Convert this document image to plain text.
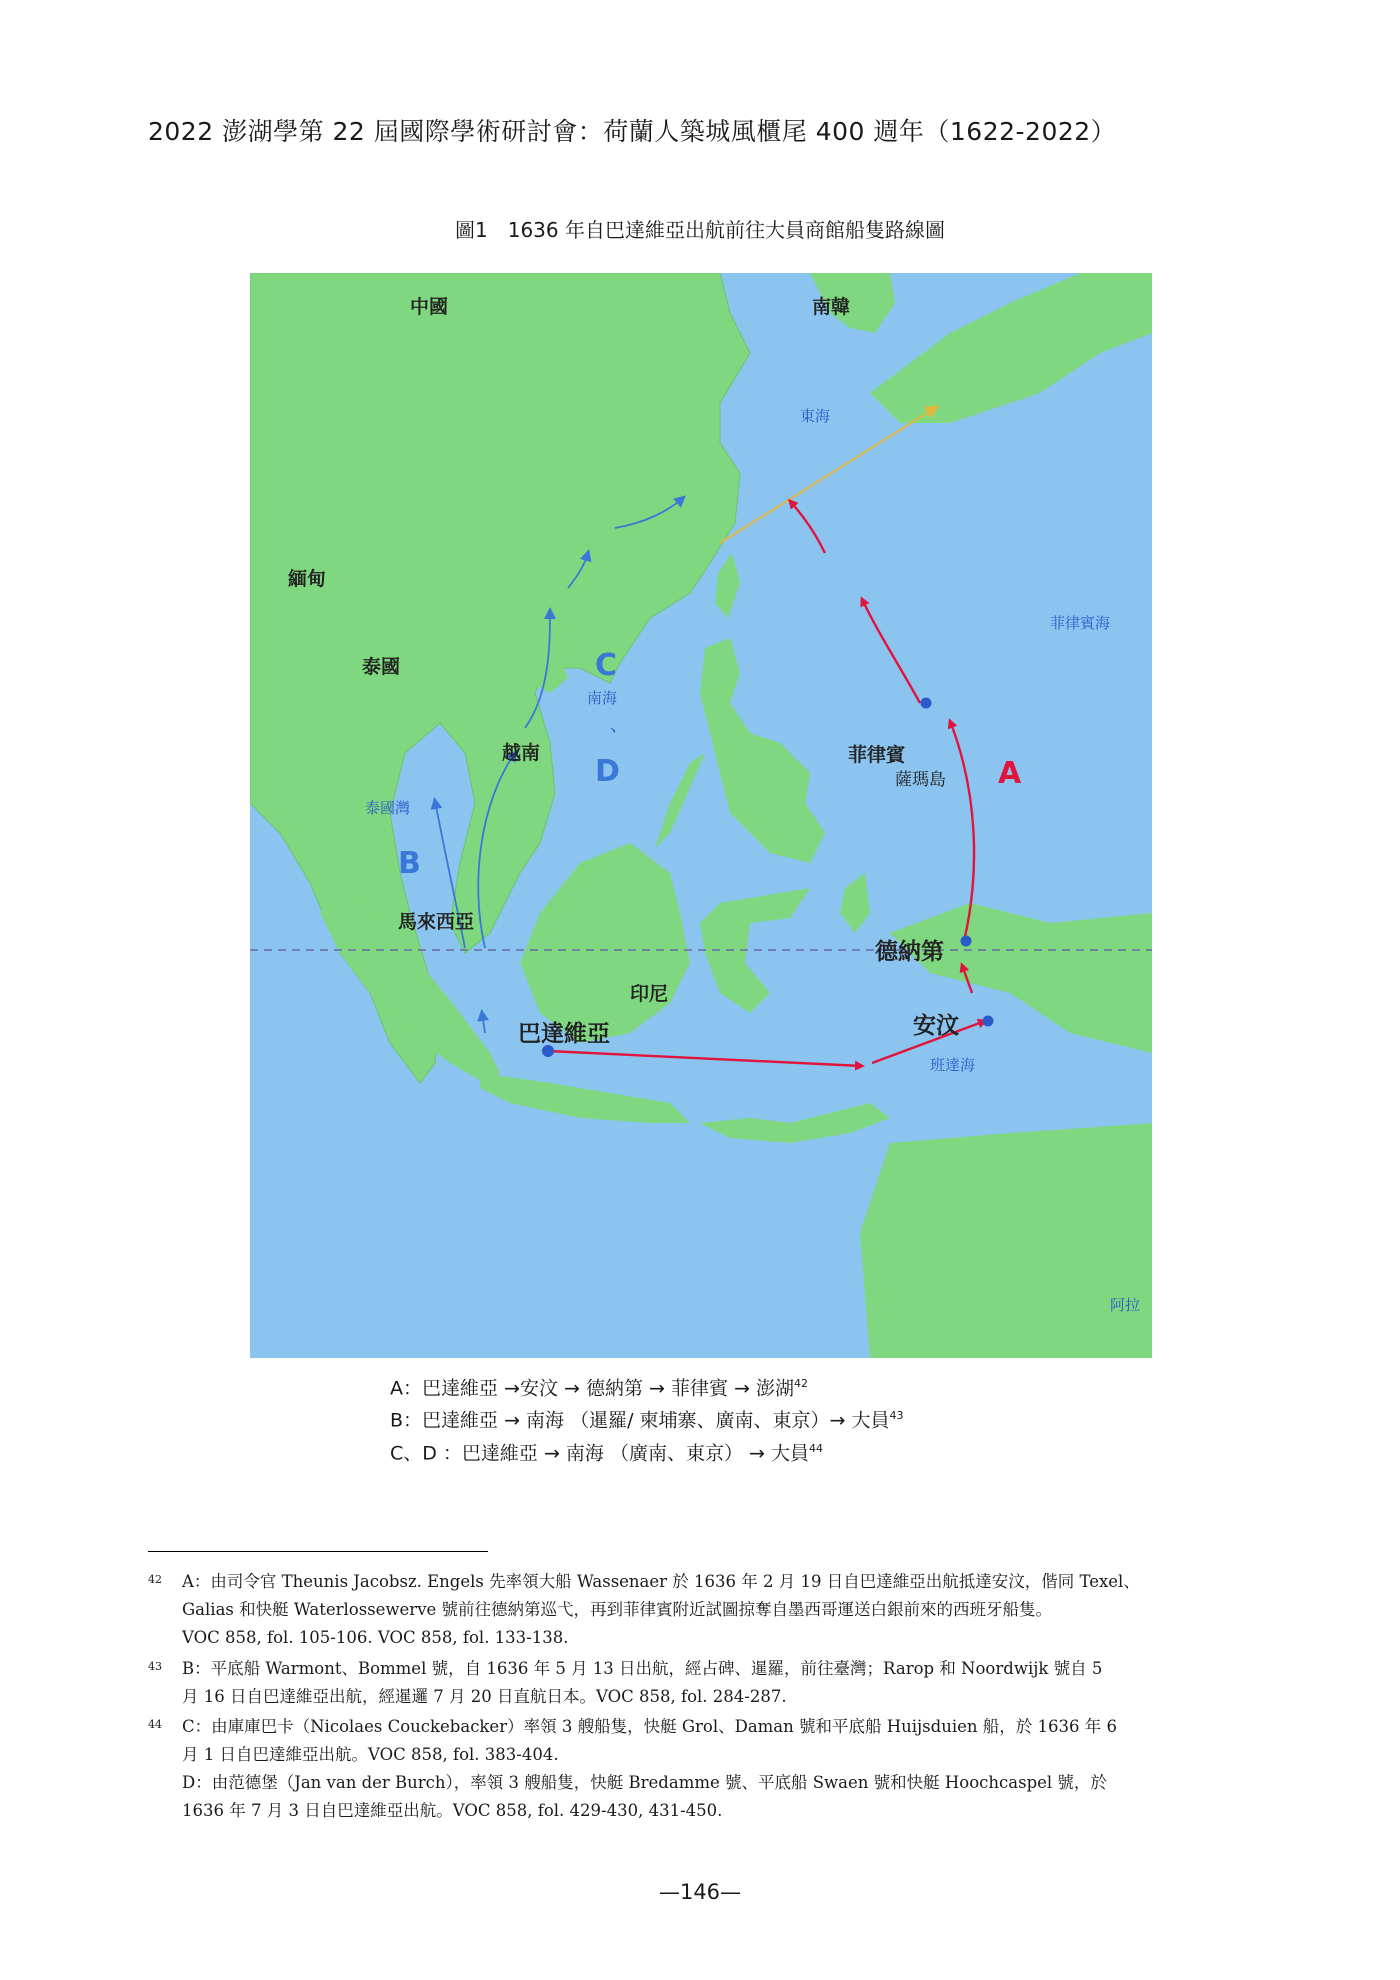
2022 澎湖學第 22 屆國際學術研討會：荷蘭人築城風櫃尾 400 週年（1622-2022）
圖1　1636 年自巴達維亞出航前往大員商館船隻路線圖
中國	南韓
東海
緬甸
菲律賓海
泰國	C
南海
、
D
越南	菲律賓
薩瑪島 A
泰國灣
B
馬來西亞
德納第
印尼
安汶
巴達維亞
班達海
阿拉
A：巴達維亞 →安汶 → 德納第 → 菲律賓 → 澎湖$^{42}$
B：巴達維亞 → 南海 （暹羅/ 柬埔寨、廣南、東京）→ 大員$^{43}$
C、D ：巴達維亞 → 南海 （廣南、東京） → 大員$^{44}$
42 A：由司令官 Theunis Jacobsz. Engels 先率領大船 Wassenaer 於 1636 年 2 月 19 日自巴達維亞出航抵達安汶，偕同 Texel、
Galias 和快艇 Waterlossewerve 號前往德納第巡弋，再到菲律賓附近試圖掠奪自墨西哥運送白銀前來的西班牙船隻。
VOC 858, fol. 105-106. VOC 858, fol. 133-138.
43 B：平底船 Warmont、Bommel 號，自 1636 年 5 月 13 日出航，經占碑、暹羅，前往臺灣；Rarop 和 Noordwijk 號自 5
月 16 日自巴達維亞出航，經暹邏 7 月 20 日直航日本。VOC 858, fol. 284-287.
44 C：由庫庫巴卡（Nicolaes Couckebacker）率領 3 艘船隻，快艇 Grol、Daman 號和平底船 Huijsduien 船，於 1636 年 6
月 1 日自巴達維亞出航。VOC 858, fol. 383-404.
D：由范德堡（Jan van der Burch），率領 3 艘船隻，快艇 Bredamme 號、平底船 Swaen 號和快艇 Hoochcaspel 號，於
1636 年 7 月 3 日自巴達維亞出航。VOC 858, fol. 429-430, 431-450.
—146—
